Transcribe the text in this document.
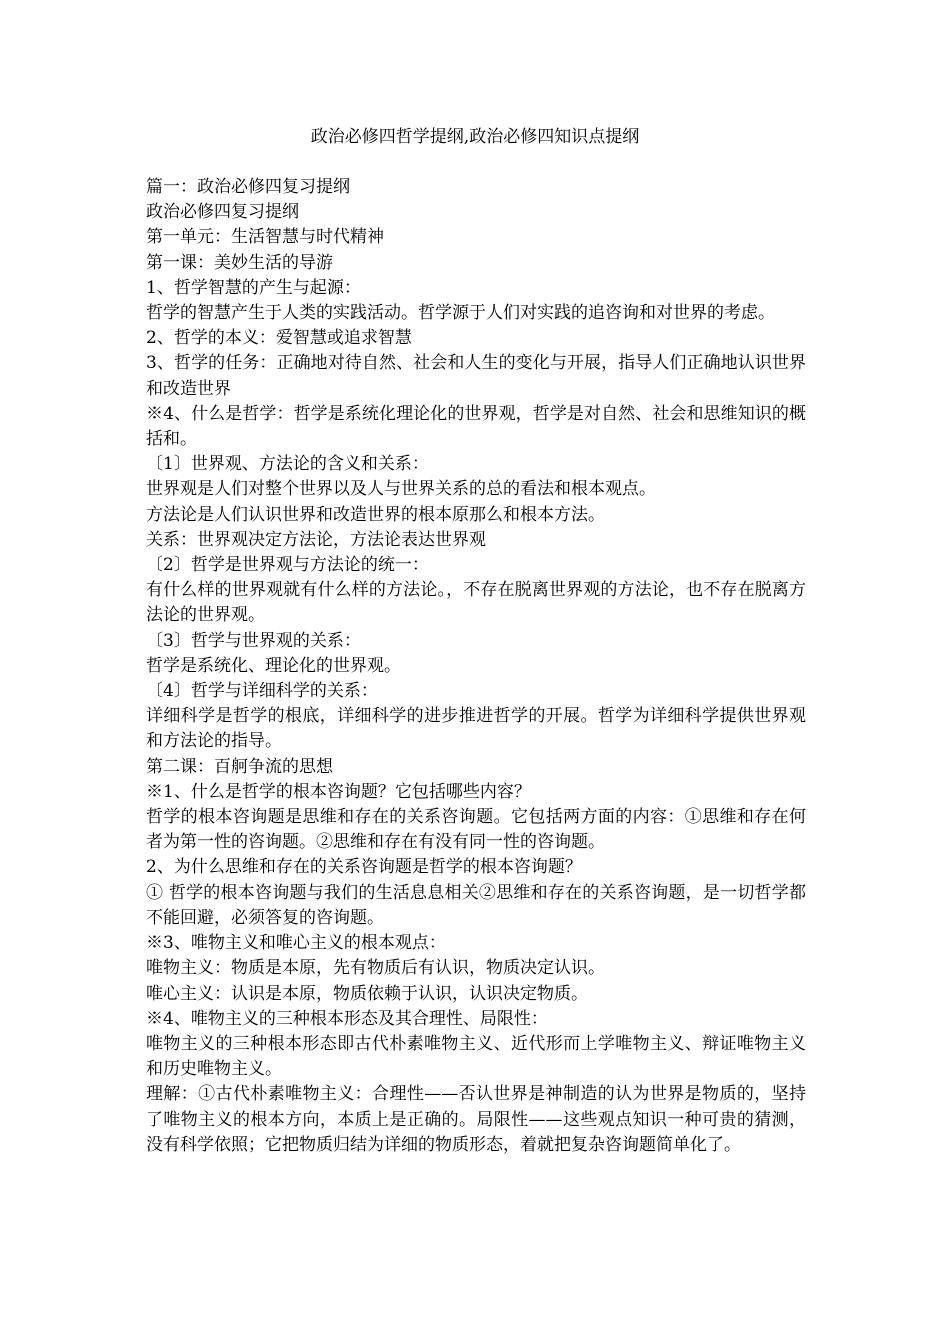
政治必修四哲学提纲,政治必修四知识点提纲

篇一：政治必修四复习提纲

政治必修四复习提纲

第一单元：生活智慧与时代精神

第一课：美妙生活的导游

1、哲学智慧的产生与起源：

哲学的智慧产生于人类的实践活动。哲学源于人们对实践的追咨询和对世界的考虑。

2、哲学的本义：爱智慧或追求智慧

3、哲学的任务：正确地对待自然、社会和人生的变化与开展，指导人们正确地认识世界和改造世界

※4、什么是哲学：哲学是系统化理论化的世界观，哲学是对自然、社会和思维知识的概括和。

〔1〕世界观、方法论的含义和关系：

世界观是人们对整个世界以及人与世界关系的总的看法和根本观点。

方法论是人们认识世界和改造世界的根本原那么和根本方法。

关系：世界观决定方法论，方法论表达世界观

〔2〕哲学是世界观与方法论的统一：

有什么样的世界观就有什么样的方法论。，不存在脱离世界观的方法论，也不存在脱离方法论的世界观。

〔3〕哲学与世界观的关系：

哲学是系统化、理论化的世界观。

〔4〕哲学与详细科学的关系：

详细科学是哲学的根底，详细科学的进步推进哲学的开展。哲学为详细科学提供世界观和方法论的指导。

第二课：百舸争流的思想

※1、什么是哲学的根本咨询题？它包括哪些内容？

哲学的根本咨询题是思维和存在的关系咨询题。它包括两方面的内容：①思维和存在何者为第一性的咨询题。②思维和存在有没有同一性的咨询题。

2、为什么思维和存在的关系咨询题是哲学的根本咨询题？

① 哲学的根本咨询题与我们的生活息息相关②思维和存在的关系咨询题，是一切哲学都不能回避，必须答复的咨询题。

※3、唯物主义和唯心主义的根本观点：

唯物主义：物质是本原，先有物质后有认识，物质决定认识。

唯心主义：认识是本原，物质依赖于认识，认识决定物质。

※4、唯物主义的三种根本形态及其合理性、局限性：

唯物主义的三种根本形态即古代朴素唯物主义、近代形而上学唯物主义、辩证唯物主义和历史唯物主义。

理解：①古代朴素唯物主义：合理性——否认世界是神制造的认为世界是物质的，坚持了唯物主义的根本方向，本质上是正确的。局限性——这些观点知识一种可贵的猜测，没有科学依照；它把物质归结为详细的物质形态，着就把复杂咨询题简单化了。
